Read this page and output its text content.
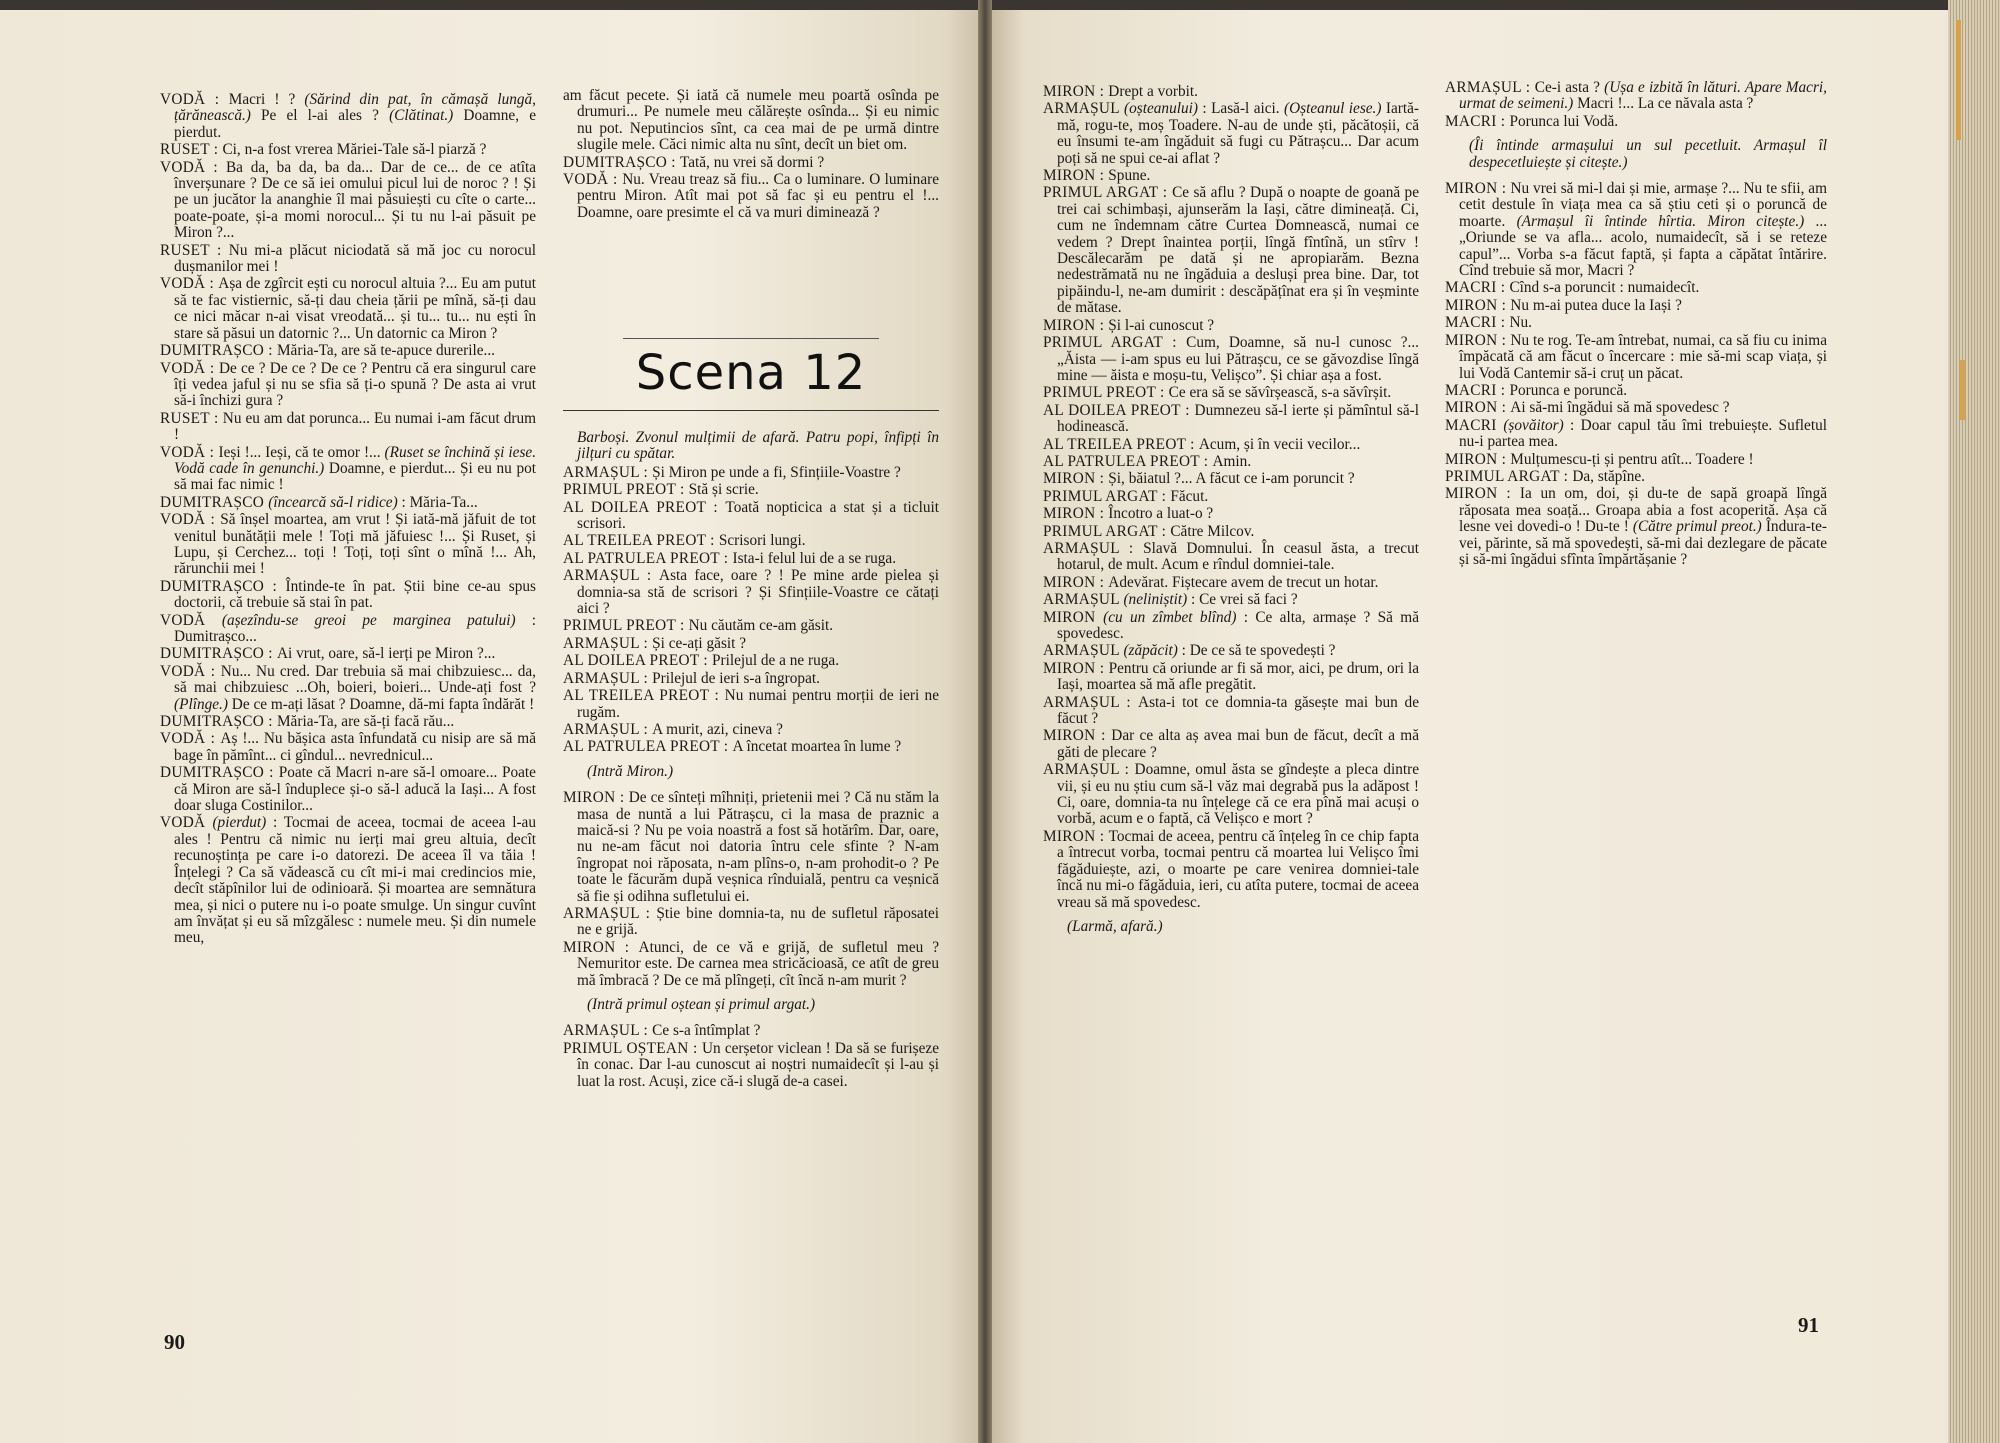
VODĂ : Macri ! ? (Sărind din pat, în cămașă lungă, țărănească.) Pe el l-ai ales ? (Clătinat.) Doamne, e pierdut.

RUSET : Ci, n-a fost vrerea Măriei-Tale să-l piarză ?

VODĂ : Ba da, ba da, ba da... Dar de ce... de ce atîta înverșunare ? De ce să iei omului picul lui de noroc ? ! Și pe un jucător la ananghie îl mai păsuiești cu cîte o carte... poate-poate, și-a momi norocul... Și tu nu l-ai păsuit pe Miron ?...

RUSET : Nu mi-a plăcut niciodată să mă joc cu norocul dușmanilor mei !

VODĂ : Așa de zgîrcit ești cu norocul altuia ?... Eu am putut să te fac vistiernic, să-ți dau cheia țării pe mînă, să-ți dau ce nici măcar n-ai visat vreodată... și tu... tu... nu ești în stare să păsui un datornic ?... Un datornic ca Miron ?

DUMITRAȘCO : Măria-Ta, are să te-apuce durerile...

VODĂ : De ce ? De ce ? De ce ? Pentru că era singurul care îți vedea jaful și nu se sfia să ți-o spună ? De asta ai vrut să-i închizi gura ?

RUSET : Nu eu am dat porunca... Eu numai i-am făcut drum !

VODĂ : Ieși !... Ieși, că te omor !... (Ruset se închină și iese. Vodă cade în genunchi.) Doamne, e pierdut... Și eu nu pot să mai fac nimic !

DUMITRAȘCO (încearcă să-l ridice) : Măria-Ta...

VODĂ : Să înșel moartea, am vrut ! Și iată-mă jăfuit de tot venitul bunătății mele ! Toți mă jăfuiesc !... Și Ruset, și Lupu, și Cerchez... toți ! Toți, toți sînt o mînă !... Ah, rărunchii mei !

DUMITRAȘCO : Întinde-te în pat. Știi bine ce-au spus doctorii, că trebuie să stai în pat.

VODĂ (așezîndu-se greoi pe marginea patului) : Dumitrașco...

DUMITRAȘCO : Ai vrut, oare, să-l ierți pe Miron ?...

VODĂ : Nu... Nu cred. Dar trebuia să mai chibzuiesc... da, să mai chibzuiesc ...Oh, boieri, boieri... Unde-ați fost ? (Plînge.) De ce m-ați lăsat ? Doamne, dă-mi fapta îndărăt !

DUMITRAȘCO : Măria-Ta, are să-ți facă rău...

VODĂ : Aș !... Nu bășica asta înfundată cu nisip are să mă bage în pămînt... ci gîndul... nevrednicul...

DUMITRAȘCO : Poate că Macri n-are să-l omoare... Poate că Miron are să-l înduplece și-o să-l aducă la Iași... A fost doar sluga Costinilor...

VODĂ (pierdut) : Tocmai de aceea, tocmai de aceea l-au ales ! Pentru că nimic nu ierți mai greu altuia, decît recunoștința pe care i-o datorezi. De aceea îl va tăia ! Înțelegi ? Ca să vădească cu cît mi-i mai credincios mie, decît stăpînilor lui de odinioară. Și moartea are semnătura mea, și nici o putere nu i-o poate smulge. Un singur cuvînt am învățat și eu să mîzgălesc : numele meu. Și din numele meu,

am făcut pecete. Și iată că numele meu poartă osînda pe drumuri... Pe numele meu călărește osînda... Și eu nimic nu pot. Neputincios sînt, ca cea mai de pe urmă dintre slugile mele. Căci nimic alta nu sînt, decît un biet om.

DUMITRAȘCO : Tată, nu vrei să dormi ?

VODĂ : Nu. Vreau treaz să fiu... Ca o luminare. O luminare pentru Miron. Atît mai pot să fac și eu pentru el !... Doamne, oare presimte el că va muri diminează ?

Scena 12

Barboși. Zvonul mulțimii de afară. Patru popi, înfipți în jilțuri cu spătar.

ARMAȘUL : Și Miron pe unde a fi, Sfințiile-Voastre ?

PRIMUL PREOT : Stă și scrie.

AL DOILEA PREOT : Toată nopticica a stat și a ticluit scrisori.

AL TREILEA PREOT : Scrisori lungi.

AL PATRULEA PREOT : Ista-i felul lui de a se ruga.

ARMAȘUL : Asta face, oare ? ! Pe mine arde pielea și domnia-sa stă de scrisori ? Și Sfințiile-Voastre ce cătați aici ?

PRIMUL PREOT : Nu căutăm ce-am găsit.

ARMAȘUL : Și ce-ați găsit ?

AL DOILEA PREOT : Prilejul de a ne ruga.

ARMAȘUL : Prilejul de ieri s-a îngropat.

AL TREILEA PREOT : Nu numai pentru morții de ieri ne rugăm.

ARMAȘUL : A murit, azi, cineva ?

AL PATRULEA PREOT : A încetat moartea în lume ?

(Intră Miron.)

MIRON : De ce sînteți mîhniți, prietenii mei ? Că nu stăm la masa de nuntă a lui Pătrașcu, ci la masa de praznic a maică-si ? Nu pe voia noastră a fost să hotărîm. Dar, oare, nu ne-am făcut noi datoria întru cele sfinte ? N-am îngropat noi răposata, n-am plîns-o, n-am prohodit-o ? Pe toate le făcurăm după veșnica rînduială, pentru ca veșnică să fie și odihna sufletului ei.

ARMAȘUL : Știe bine domnia-ta, nu de sufletul răposatei ne e grijă.

MIRON : Atunci, de ce vă e grijă, de sufletul meu ? Nemuritor este. De carnea mea stricăcioasă, ce atît de greu mă îmbracă ? De ce mă plîngeți, cît încă n-am murit ?

(Intră primul oștean și primul argat.)

ARMAȘUL : Ce s-a întîmplat ?

PRIMUL OȘTEAN : Un cerșetor viclean ! Da să se furișeze în conac. Dar l-au cunoscut ai noștri numaidecît și l-au și luat la rost. Acuși, zice că-i slugă de-a casei.

MIRON : Drept a vorbit.

ARMAȘUL (oșteanului) : Lasă-l aici. (Oșteanul iese.) Iartă-mă, rogu-te, moș Toadere. N-au de unde ști, păcătoșii, că eu însumi te-am îngăduit să fugi cu Pătrașcu... Dar acum poți să ne spui ce-ai aflat ?

MIRON : Spune.

PRIMUL ARGAT : Ce să aflu ? După o noapte de goană pe trei cai schimbași, ajunserăm la Iași, către dimineață. Ci, cum ne îndemnam către Curtea Domnească, numai ce vedem ? Drept înaintea porții, lîngă fîntînă, un stîrv ! Descălecarăm pe dată și ne apropiarăm. Bezna nedestrămată nu ne îngăduia a desluși prea bine. Dar, tot pipăindu-l, ne-am dumirit : descăpățînat era și în veșminte de mătase.

MIRON : Și l-ai cunoscut ?

PRIMUL ARGAT : Cum, Doamne, să nu-l cunosc ?... „Ăista — i-am spus eu lui Pătrașcu, ce se găvozdise lîngă mine — ăista e moșu-tu, Velișco”. Și chiar așa a fost.

PRIMUL PREOT : Ce era să se săvîrșească, s-a săvîrșit.

AL DOILEA PREOT : Dumnezeu să-l ierte și pămîntul să-l hodinească.

AL TREILEA PREOT : Acum, și în vecii vecilor...

AL PATRULEA PREOT : Amin.

MIRON : Și, băiatul ?... A făcut ce i-am poruncit ?

PRIMUL ARGAT : Făcut.

MIRON : Încotro a luat-o ?

PRIMUL ARGAT : Către Milcov.

ARMAȘUL : Slavă Domnului. În ceasul ăsta, a trecut hotarul, de mult. Acum e rîndul domniei-tale.

MIRON : Adevărat. Fiștecare avem de trecut un hotar.

ARMAȘUL (neliniștit) : Ce vrei să faci ?

MIRON (cu un zîmbet blînd) : Ce alta, armașe ? Să mă spovedesc.

ARMAȘUL (zăpăcit) : De ce să te spovedești ?

MIRON : Pentru că oriunde ar fi să mor, aici, pe drum, ori la Iași, moartea să mă afle pregătit.

ARMAȘUL : Asta-i tot ce domnia-ta găsește mai bun de făcut ?

MIRON : Dar ce alta aș avea mai bun de făcut, decît a mă găti de plecare ?

ARMAȘUL : Doamne, omul ăsta se gîndește a pleca dintre vii, și eu nu știu cum să-l văz mai degrabă pus la adăpost ! Ci, oare, domnia-ta nu înțelege că ce era pînă mai acuși o vorbă, acum e o faptă, că Velișco e mort ?

MIRON : Tocmai de aceea, pentru că înțeleg în ce chip fapta a întrecut vorba, tocmai pentru că moartea lui Velișco îmi făgăduiește, azi, o moarte pe care venirea domniei-tale încă nu mi-o făgăduia, ieri, cu atîta putere, tocmai de aceea vreau să mă spovedesc.

(Larmă, afară.)

ARMAȘUL : Ce-i asta ? (Ușa e izbită în lături. Apare Macri, urmat de seimeni.) Macri !... La ce năvala asta ?

MACRI : Porunca lui Vodă.

(Îi întinde armașului un sul pecetluit. Armașul îl despecetluiește și citește.)

MIRON : Nu vrei să mi-l dai și mie, armașe ?... Nu te sfii, am cetit destule în viața mea ca să știu ceti și o poruncă de moarte. (Armașul îi întinde hîrtia. Miron citește.) ...„Oriunde se va afla... acolo, numaidecît, să i se reteze capul”... Vorba s-a făcut faptă, și fapta a căpătat întărire. Cînd trebuie să mor, Macri ?

MACRI : Cînd s-a poruncit : numaidecît.

MIRON : Nu m-ai putea duce la Iași ?

MACRI : Nu.

MIRON : Nu te rog. Te-am întrebat, numai, ca să fiu cu inima împăcată că am făcut o încercare : mie să-mi scap viața, și lui Vodă Cantemir să-i cruț un păcat.

MACRI : Porunca e poruncă.

MIRON : Ai să-mi îngădui să mă spovedesc ?

MACRI (șovăitor) : Doar capul tău îmi trebuiește. Sufletul nu-i partea mea.

MIRON : Mulțumescu-ți și pentru atît... Toadere !

PRIMUL ARGAT : Da, stăpîne.

MIRON : Ia un om, doi, și du-te de sapă groapă lîngă răposata mea soață... Groapa abia a fost acoperită. Așa că lesne vei dovedi-o ! Du-te ! (Către primul preot.) Îndura-te-vei, părinte, să mă spovedești, să-mi dai dezlegare de păcate și să-mi îngădui sfînta împărtășanie ?

90
91
